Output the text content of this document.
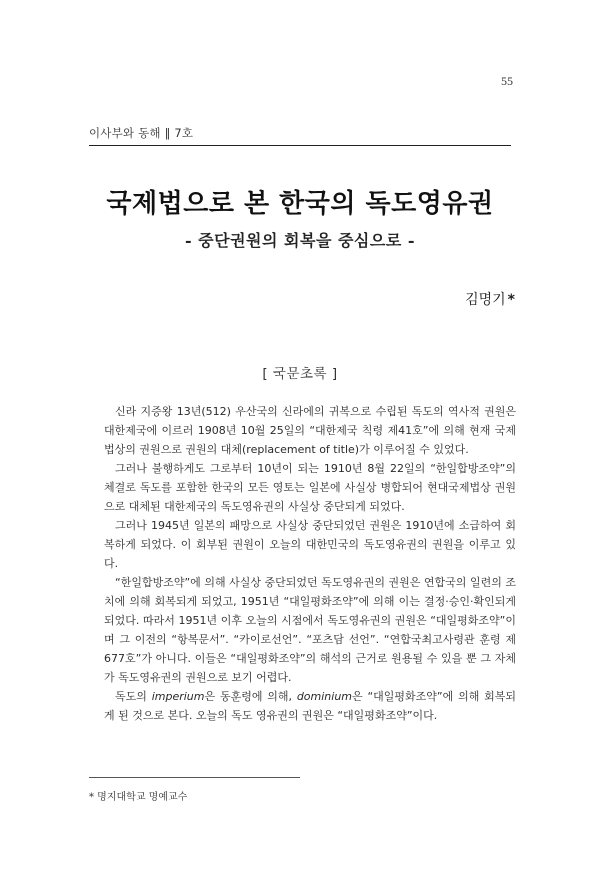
55
이사부와 동해 ‖ 7호
국제법으로 본 한국의 독도영유권
- 중단권원의 회복을 중심으로 -
김명기 *
[ 국문초록 ]

신라 지증왕 13년(512) 우산국의 신라에의 귀복으로 수립된 독도의 역사적 권원은 대한제국에 이르러 1908년 10월 25일의 “대한제국 칙령 제41호”에 의해 현재 국제법상의 권원으로 권원의 대체(replacement of title)가 이루어질 수 있었다.

그러나 불행하게도 그로부터 10년이 되는 1910년 8월 22일의 “한일합방조약”의 체결로 독도를 포함한 한국의 모든 영토는 일본에 사실상 병합되어 현대국제법상 권원으로 대체된 대한제국의 독도영유권의 사실상 중단되게 되었다.

그러나 1945년 일본의 패망으로 사실상 중단되었던 권원은 1910년에 소급하여 회복하게 되었다. 이 회부된 권원이 오늘의 대한민국의 독도영유권의 권원을 이루고 있다.

“한일합방조약”에 의해 사실상 중단되었던 독도영유권의 권원은 연합국의 일련의 조치에 의해 회복되게 되었고, 1951년 “대일평화조약”에 의해 이는 결정·승인·확인되게 되었다. 따라서 1951년 이후 오늘의 시점에서 독도영유권의 권원은 “대일평화조약”이며 그 이전의 “항복문서”. “카이로선언”. “포츠담 선언”. “연합국최고사령관 훈령 제677호”가 아니다. 이들은 “대일평화조약”의 해석의 근거로 원용될 수 있을 뿐 그 자체가 독도영유권의 권원으로 보기 어렵다.

독도의 imperium은 동훈령에 의해, dominium은 “대일평화조약”에 의해 회복되게 된 것으로 본다. 오늘의 독도 영유권의 권원은 “대일평화조약”이다.

* 명지대학교 명예교수
